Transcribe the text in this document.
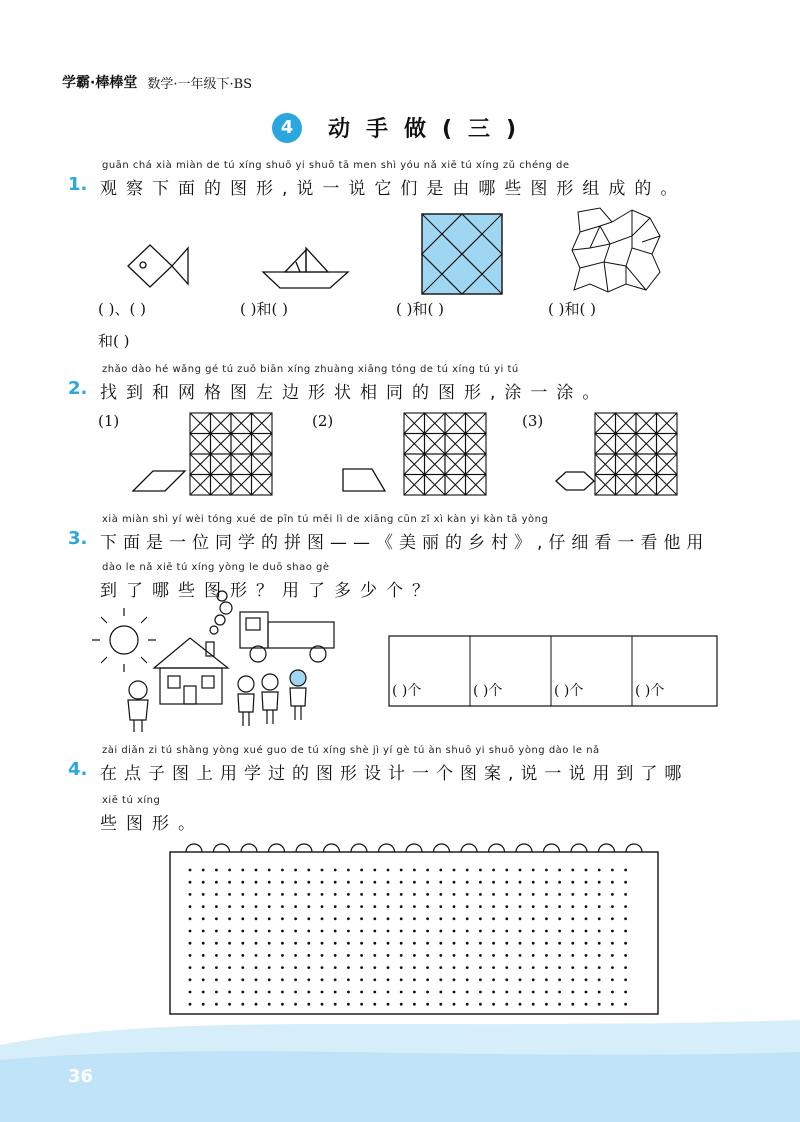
学霸·棒棒堂 数学·一年级下·BS
4	动手做(三)
guān chá xià miàn de tú xíng shuō yi shuō tā men shì yóu nǎ xiē tú xíng zǔ chéng de
1. 观察下面的图形,说一说它们是由哪些图形组成的。
( )、( )	( )和( )	( )和( )	( )和( )
和( )
zhǎo dào hé wǎng gé tú zuǒ biān xíng zhuàng xiāng tóng de tú xíng tú yi tú
2. 找到和网格图左边形状相同的图形,涂一涂。
(1)	(2)	(3)
xià miàn shì yí wèi tóng xué de pīn tú měi lì de xiāng cūn zǐ xì kàn yi kàn tā yòng
3. 下面是一位同学的拼图——《美丽的乡村》,仔细看一看他用
dào le nǎ xiē tú xíng yòng le duō shao gè
到了哪些图形？用了多少个？
( )个	( )个	( )个	( )个
zài diǎn zi tú shàng yòng xué guo de tú xíng shè jì yí gè tú àn shuō yi shuō yòng dào le nǎ
4. 在点子图上用学过的图形设计一个图案,说一说用到了哪
xiē tú xíng
些图形。
36
